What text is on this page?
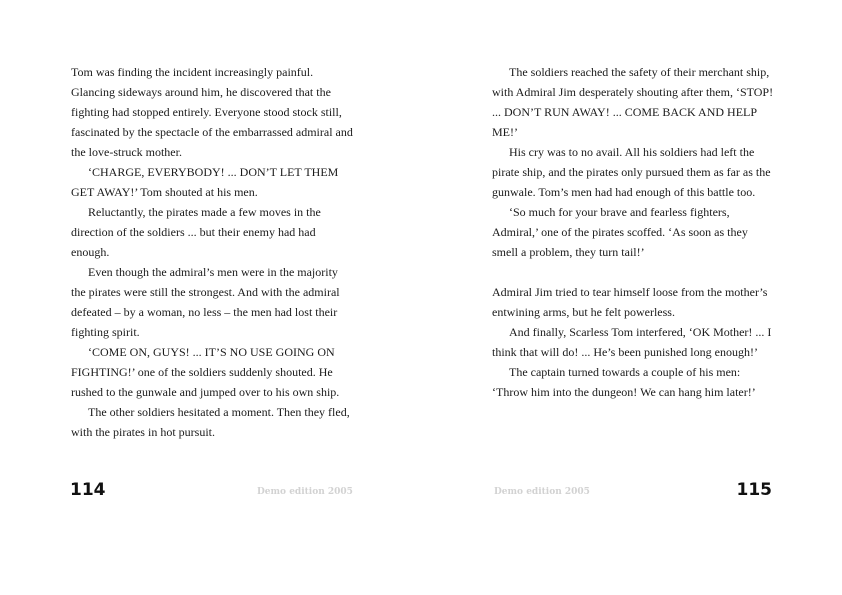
Tom was finding the incident increasingly painful. Glancing sideways around him, he discovered that the fighting had stopped entirely. Everyone stood stock still, fascinated by the spectacle of the embarrassed admiral and the love-struck mother.

‘CHARGE, EVERYBODY! ... DON’T LET THEM GET AWAY!’ Tom shouted at his men.

Reluctantly, the pirates made a few moves in the direction of the soldiers ... but their enemy had had enough.

Even though the admiral’s men were in the majority the pirates were still the strongest. And with the admiral defeated – by a woman, no less – the men had lost their fighting spirit.

‘COME ON, GUYS! ... IT’S NO USE GOING ON FIGHTING!’ one of the soldiers suddenly shouted. He rushed to the gunwale and jumped over to his own ship.

The other soldiers hesitated a moment. Then they fled, with the pirates in hot pursuit.

114	Demo edition 2005

The soldiers reached the safety of their merchant ship, with Admiral Jim desperately shouting after them, ‘STOP! ... DON’T RUN AWAY! ... COME BACK AND HELP ME!’

His cry was to no avail. All his soldiers had left the pirate ship, and the pirates only pursued them as far as the gunwale. Tom’s men had had enough of this battle too.

‘So much for your brave and fearless fighters, Admiral,’ one of the pirates scoffed. ‘As soon as they smell a problem, they turn tail!’

Admiral Jim tried to tear himself loose from the mother’s entwining arms, but he felt powerless.

And finally, Scarless Tom interfered, ‘OK Mother! ... I think that will do! ... He’s been punished long enough!’

The captain turned towards a couple of his men: ‘Throw him into the dungeon! We can hang him later!’

Demo edition 2005	115
